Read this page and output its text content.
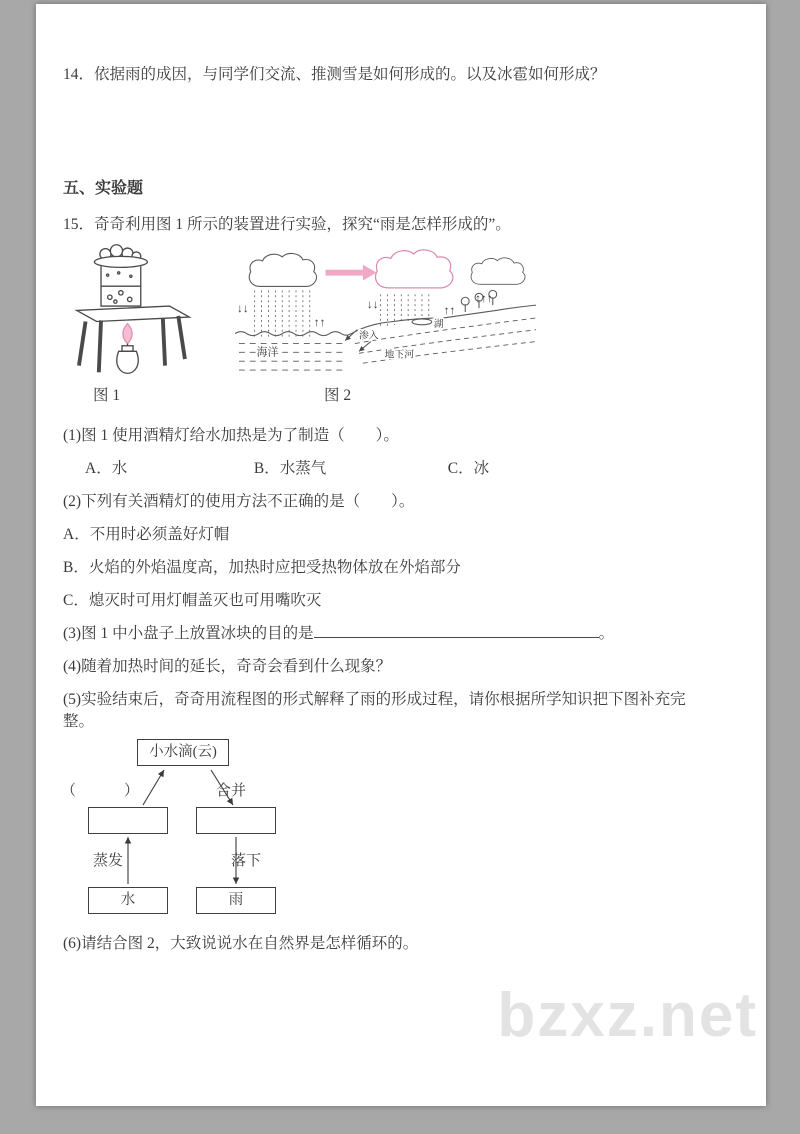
14．依据雨的成因，与同学们交流、推测雪是如何形成的。以及冰雹如何形成？

五、实验题

15．奇奇利用图 1 所示的装置进行实验，探究“雨是怎样形成的”。

↓↓
↑↑
↓↓	↑↑
↑↑↑
海洋
渗入
地下河
湖
图 1	图 2

(1)图 1 使用酒精灯给水加热是为了制造（　　）。

A．水	B．水蒸气	C．冰

(2)下列有关酒精灯的使用方法不正确的是（　　）。

A．不用时必须盖好灯帽

B．火焰的外焰温度高，加热时应把受热物体放在外焰部分

C．熄灭时可用灯帽盖灭也可用嘴吹灭

(3)图 1 中小盘子上放置冰块的目的是	。

(4)随着加热时间的延长，奇奇会看到什么现象？

(5)实验结束后，奇奇用流程图的形式解释了雨的形成过程，请你根据所学知识把下图补充完整。

小水滴(云)
（　　）	合并
蒸发	落下
水	雨

(6)请结合图 2，大致说说水在自然界是怎样循环的。

bzxz.net
